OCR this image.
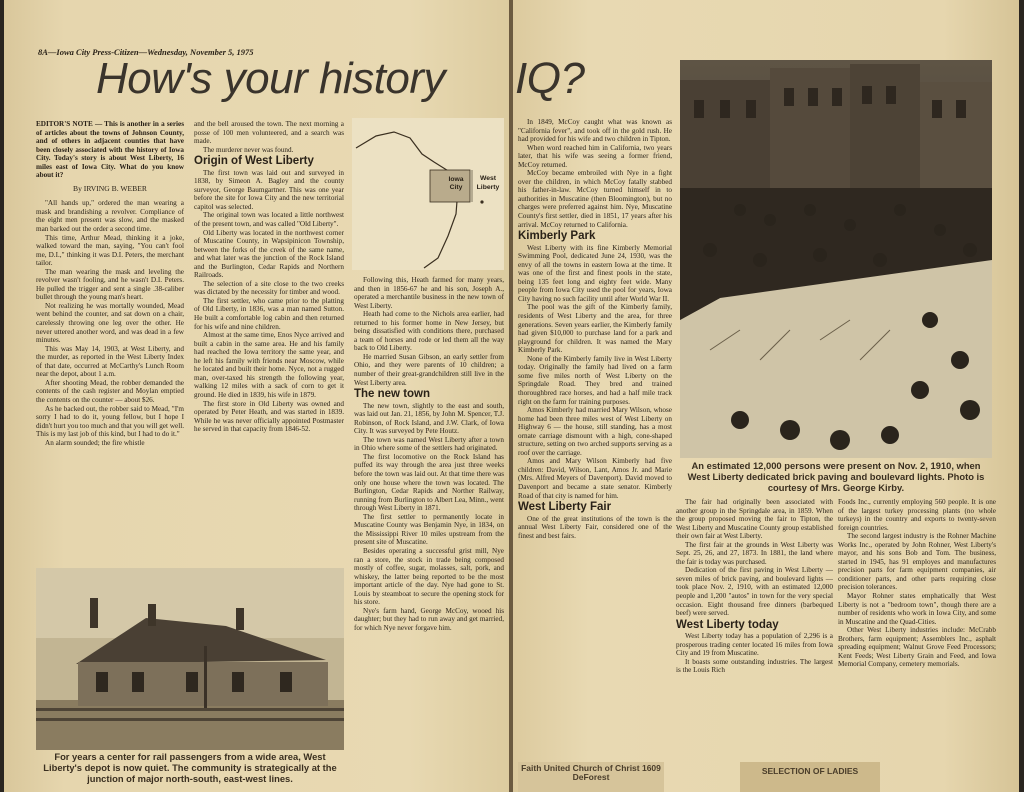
8A—Iowa City Press-Citizen—Wednesday, November 5, 1975
How's your history IQ?

EDITOR'S NOTE — This is another in a series of articles about the towns of Johnson County, and of others in adjacent counties that have been closely associated with the history of Iowa City. Today's story is about West Liberty, 16 miles east of Iowa City. What do you know about it?

By IRVING B. WEBER

"All hands up," ordered the man wearing a mask and brandishing a revolver. Compliance of the eight men present was slow, and the masked man barked out the order a second time.

This time, Arthur Mead, thinking it a joke, walked toward the man, saying, "You can't fool me, D.I.," thinking it was D.I. Peters, the merchant tailor.

The man wearing the mask and leveling the revolver wasn't fooling, and he wasn't D.I. Peters. He pulled the trigger and sent a single .38-caliber bullet through the young man's heart.

Not realizing he was mortally wounded, Mead went behind the counter, and sat down on a chair, carelessly throwing one leg over the other. He never uttered another word, and was dead in a few minutes.

This was May 14, 1903, at West Liberty, and the murder, as reported in the West Liberty Index of that date, occurred at McCarthy's Lunch Room near the depot, about 1 a.m.

After shooting Mead, the robber demanded the contents of the cash register and Moylan emptied the contents on the counter — about $26.

As he backed out, the robber said to Mead, "I'm sorry I had to do it, young fellow, but I hope I didn't hurt you too much and that you will get well. This is my last job of this kind, but I had to do it."

An alarm sounded; the fire whistle

and the bell aroused the town. The next morning a posse of 100 men volunteered, and a search was made.

The murderer never was found.

Origin of West Liberty

The first town was laid out and surveyed in 1838, by Simeon A. Bagley and the county surveyor, George Baumgartner. This was one year before the site for Iowa City and the new territorial capitol was selected.

The original town was located a little northwest of the present town, and was called "Old Liberty".

Old Liberty was located in the northwest corner of Muscatine County, in Wapsipinicon Township, between the forks of the creek of the same name, and what later was the junction of the Rock Island and the Burlington, Cedar Rapids and Northern Railroads.

The selection of a site close to the two creeks was dictated by the necessity for timber and wood.

The first settler, who came prior to the platting of Old Liberty, in 1836, was a man named Sutton. He built a comfortable log cabin and then returned for his wife and nine children.

Almost at the same time, Enos Nyce arrived and built a cabin in the same area. He and his family had reached the Iowa territory the same year, and he left his family with friends near Moscow, while he located and built their home. Nyce, not a rugged man, over-taxed his strength the following year, walking 12 miles with a sack of corn to get it ground. He died in 1839, his wife in 1879.

The first store in Old Liberty was owned and operated by Peter Heath, and was started in 1839. While he was never officially appointed Postmaster he served in that capacity from 1846-52.

Iowa City
West Liberty

Following this, Heath farmed for many years, and then in 1856-67 he and his son, Joseph A., operated a merchantile business in the new town of West Liberty.

Heath had come to the Nichols area earlier, had returned to his former home in New Jersey, but being dissatisfied with conditions there, purchased a team of horses and rode or led them all the way back to Old Liberty.

He married Susan Gibson, an early settler from Ohio, and they were parents of 10 children; a number of their great-grandchildren still live in the West Liberty area.

The new town

The new town, slightly to the east and south, was laid out Jan. 21, 1856, by John M. Spencer, T.J. Robinson, of Rock Island, and J.W. Clark, of Iowa City. It was surveyed by Pete Houtz.

The town was named West Liberty after a town in Ohio where some of the settlers had originated.

The first locomotive on the Rock Island has puffed its way through the area just three weeks before the town was laid out. At that time there was only one house where the town was located. The Burlington, Cedar Rapids and Norther Railway, running from Burlington to Albert Lea, Minn., went through West Liberty in 1871.

The first settler to permanently locate in Muscatine County was Benjamin Nye, in 1834, on the Mississippi River 10 miles upstream from the present site of Muscatine.

Besides operating a successful grist mill, Nye ran a store, the stock in trade being composed mostly of coffee, sugar, molasses, salt, pork, and whiskey, the latter being reported to be the most important article of the day. Nye had gone to St. Louis by steamboat to secure the opening stock for his store.

Nye's farm hand, George McCoy, wooed his daughter; but they had to run away and get married, for which Nye never forgave him.

For years a center for rail passengers from a wide area, West Liberty's depot is now quiet. The community is strategically at the junction of major north-south, east-west lines.

In 1849, McCoy caught what was known as "California fever", and took off in the gold rush. He had provided for his wife and two children in Tipton.

When word reached him in California, two years later, that his wife was seeing a former friend, McCoy returned.

McCoy became embroiled with Nye in a fight over the children, in which McCoy fatally stabbed his father-in-law. McCoy turned himself in to authorities in Muscatine (then Bloomington), but no charges were preferred against him. Nye, Muscatine County's first settler, died in 1851, 17 years after his arrival. McCoy returned to California.

Kimberly Park

West Liberty with its fine Kimberly Memorial Swimming Pool, dedicated June 24, 1930, was the envy of all the towns in eastern Iowa at the time. It was one of the first and finest pools in the state, being 135 feet long and eighty feet wide. Many people from Iowa City used the pool for years, Iowa City having no such facility until after World War II.

The pool was the gift of the Kimberly family, residents of West Liberty and the area, for three generations. Seven years earlier, the Kimberly family had given $10,000 to purchase land for a park and playground for children. It was named the Mary Kimberly Park.

None of the Kimberly family live in West Liberty today. Originally the family had lived on a farm some five miles north of West Liberty on the Springdale Road. They bred and trained thoroughbred race horses, and had a half mile track right on the farm for training purposes.

Amos Kimberly had married Mary Wilson, whose home had been three miles west of West Liberty on Highway 6 — the house, still standing, has a most ornate carriage dismount with a high, cone-shaped structure, setting on two arched supports serving as a roof over the carriage.

Amos and Mary Wilson Kimberly had five children: David, Wilson, Lant, Amos Jr. and Marie (Mrs. Alfred Meyers of Davenport). David moved to Davenport and became a state senator. Kimberly Road of that city is named for him.

West Liberty Fair

One of the great institutions of the town is the annual West Liberty Fair, considered one of the finest and best fairs.

An estimated 12,000 persons were present on Nov. 2, 1910, when West Liberty dedicated brick paving and boulevard lights. Photo is courtesy of Mrs. George Kirby.

The fair had originally been associated with another group in the Springdale area, in 1859. When the group proposed moving the fair to Tipton, the West Liberty and Muscatine County group established their own fair at West Liberty.

The first fair at the grounds in West Liberty was Sept. 25, 26, and 27, 1873. In 1881, the land where the fair is today was purchased.

Dedication of the first paving in West Liberty — seven miles of brick paving, and boulevard lights — took place Nov. 2, 1910, with an estimated 12,000 people and 1,200 "autos" in town for the very special occasion. Eight thousand free dinners (barbequed beef) were served.

West Liberty today

West Liberty today has a population of 2,296 is a prosperous trading center located 16 miles from Iowa City and 19 from Muscatine.

It boasts some outstanding industries. The largest is the Louis Rich

Foods Inc., currently employing 560 people. It is one of the largest turkey processing plants (no whole turkeys) in the country and exports to twenty-seven foreign countries.

The second largest industry is the Rohner Machine Works Inc., operated by John Rohner, West Liberty's mayor, and his sons Bob and Tom. The business, started in 1945, has 91 employes and manufactures precision parts for farm equipment companies, air conditioner parts, and other parts requiring close precision tolerances.

Mayor Rohner states emphatically that West Liberty is not a "bedroom town", though there are a number of residents who work in Iowa City, and some in Muscatine and the Quad-Cities.

Other West Liberty industries include: McCrabb Brothers, farm equipment; Assemblers Inc., asphalt spreading equipment; Walnut Grove Feed Processors; Kent Feeds; West Liberty Grain and Feed, and Iowa Memorial Company, cemetery memorials.

Faith United Church of Christ 1609 DeForest
SELECTION OF LADIES
